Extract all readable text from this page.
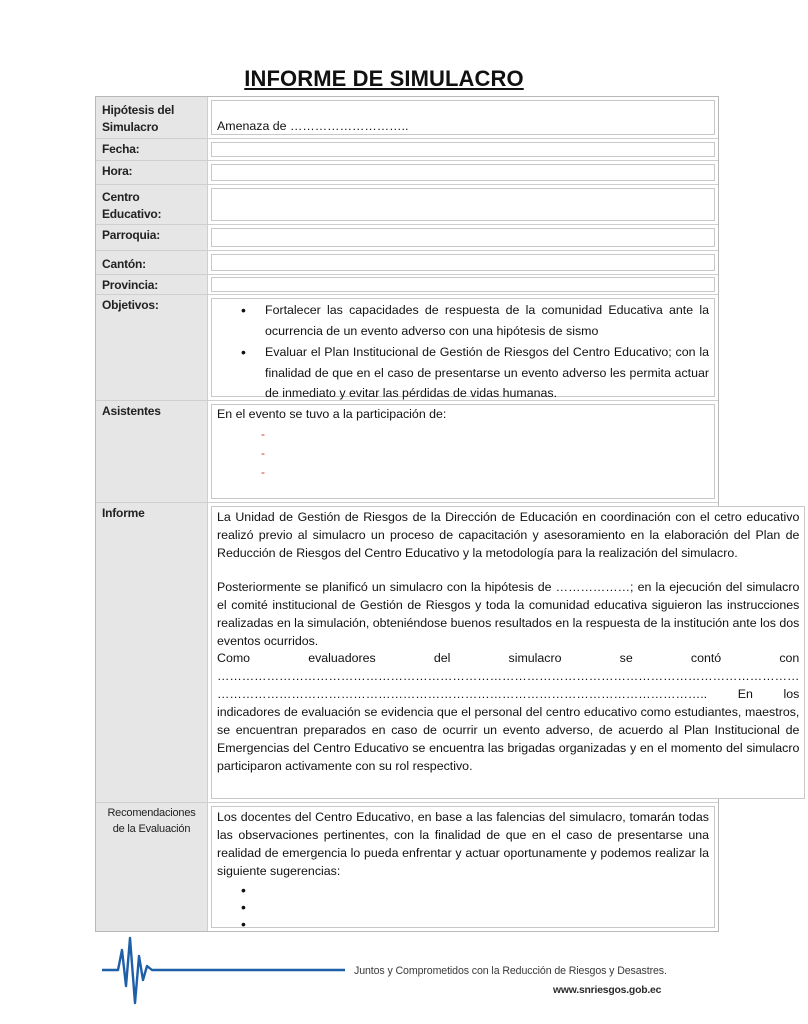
INFORME DE SIMULACRO
Hipótesis del
Simulacro	Amenaza de ………………………..
Fecha:
Hora:
Centro
Educativo:
Parroquia:
Cantón:
Provincia:
Objetivos:
•	Fortalecer las capacidades de respuesta de la comunidad Educativa ante la ocurrencia de un evento adverso con una hipótesis de sismo
• Evaluar el Plan Institucional de Gestión de Riesgos del Centro Educativo; con la finalidad de que en el caso de presentarse un evento adverso les permita actuar de inmediato y evitar las pérdidas de vidas humanas.
Asistentes	En el evento se tuvo a la participación de:
-
-
-
Informe	La Unidad de Gestión de Riesgos de la Dirección de Educación en coordinación con el cetro educativo realizó previo al simulacro un proceso de capacitación y asesoramiento en la elaboración del Plan de Reducción de Riesgos del Centro Educativo y la metodología para la realización del simulacro.

Posteriormente se planificó un simulacro con la hipótesis de ………………; en la ejecución del simulacro el comité institucional de Gestión de Riesgos y toda la comunidad educativa siguieron las instrucciones realizadas en la simulación, obteniéndose buenos resultados en la respuesta de la institución ante los dos eventos ocurridos.

Como	evaluadores	del	simulacro	se	contó	con
……………………………………………………………………………………………………………………………

……………………………………………………………………………………………………….. En los indicadores de evaluación se evidencia que el personal del centro educativo como estudiantes, maestros, se encuentran preparados en caso de ocurrir un evento adverso, de acuerdo al Plan Institucional de Emergencias del Centro Educativo se encuentra las brigadas organizadas y en el momento del simulacro participaron activamente con su rol respectivo.

Recomendaciones
de la Evaluación

Los docentes del Centro Educativo, en base a las falencias del simulacro, tomarán todas las observaciones pertinentes, con la finalidad de que en el caso de presentarse una realidad de emergencia lo pueda enfrentar y actuar oportunamente y podemos realizar la siguiente sugerencias:

•
•
•
Juntos y Comprometidos con la Reducción de Riesgos y Desastres.
www.snriesgos.gob.ec
